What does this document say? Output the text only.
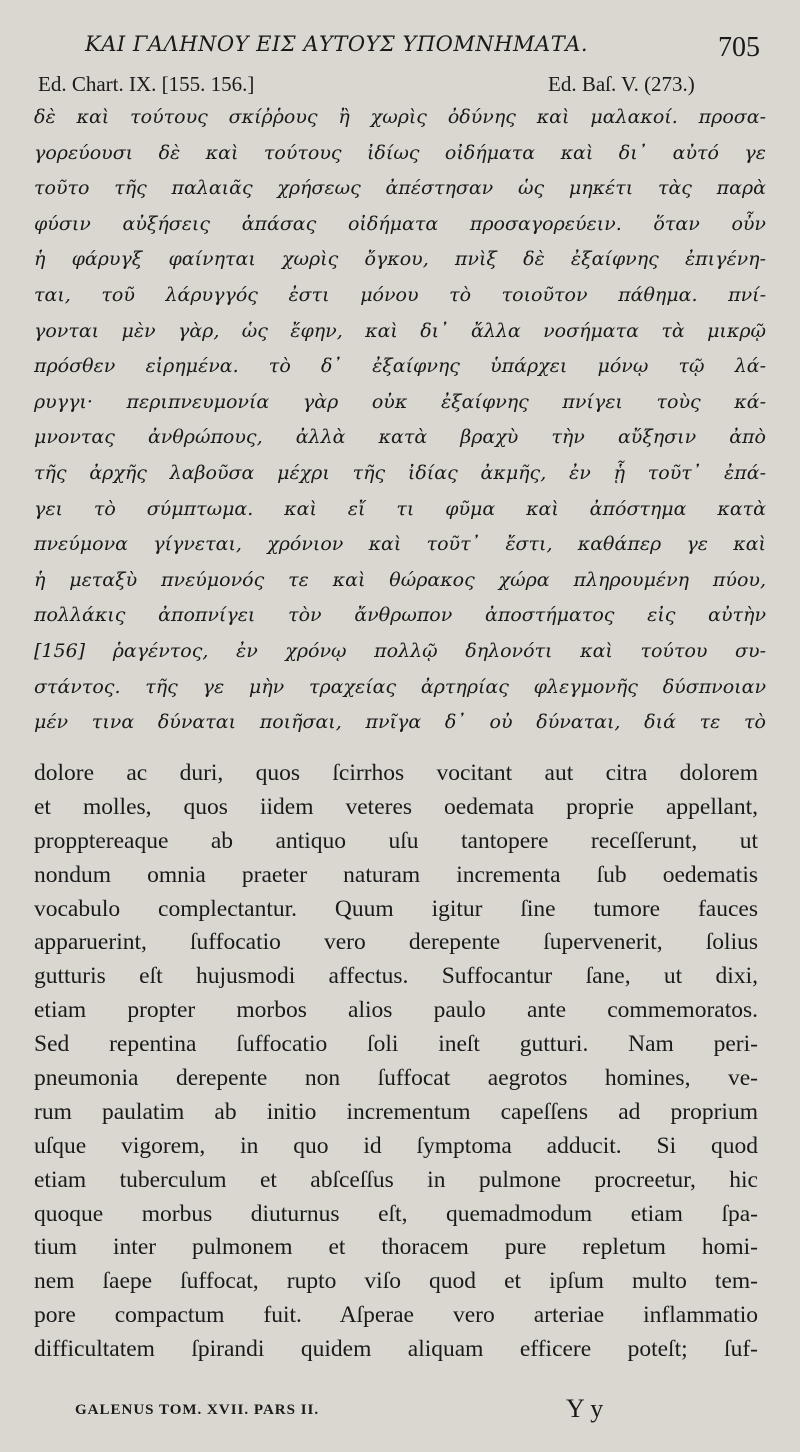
ΚΑΙ ΓΑΛΗΝΟΥ ΕΙΣ ΑΥΤΟΥΣ ΥΠΟΜΝΗΜΑΤΑ.	705
Ed. Chart. IX. [155. 156.]	Ed. Baſ. V. (273.)
δὲ καὶ τούτους σκίῤῥους ἢ χωρὶς ὀδύνης καὶ μαλακοί. προσα-
γορεύουσι δὲ καὶ τούτους ἰδίως οἰδήματα καὶ δι᾽ αὐτό γε
τοῦτο τῆς παλαιᾶς χρήσεως ἀπέστησαν ὡς μηκέτι τὰς παρὰ
φύσιν αὐξήσεις ἁπάσας οἰδήματα προσαγορεύειν. ὅταν οὖν
ἡ φάρυγξ φαίνηται χωρὶς ὄγκου, πνὶξ δὲ ἐξαίφνης ἐπιγένη-
ται, τοῦ λάρυγγός ἐστι μόνου τὸ τοιοῦτον πάθημα. πνί-
γονται μὲν γὰρ, ὡς ἔφην, καὶ δι᾽ ἄλλα νοσήματα τὰ μικρῷ
πρόσθεν εἰρημένα. τὸ δ᾽ ἐξαίφνης ὑπάρχει μόνῳ τῷ λά-
ρυγγι· περιπνευμονία γὰρ οὐκ ἐξαίφνης πνίγει τοὺς κά-
μνοντας ἀνθρώπους, ἀλλὰ κατὰ βραχὺ τὴν αὔξησιν ἀπὸ
τῆς ἀρχῆς λαβοῦσα μέχρι τῆς ἰδίας ἀκμῆς, ἐν ᾗ τοῦτ᾽ ἐπά-
γει τὸ σύμπτωμα. καὶ εἴ τι φῦμα καὶ ἀπόστημα κατὰ
πνεύμονα γίγνεται, χρόνιον καὶ τοῦτ᾽ ἔστι, καθάπερ γε καὶ
ἡ μεταξὺ πνεύμονός τε καὶ θώρακος χώρα πληρουμένη πύου,
πολλάκις ἀποπνίγει τὸν ἄνθρωπον ἀποστήματος εἰς αὐτὴν
[156] ῥαγέντος, ἐν χρόνῳ πολλῷ δηλονότι καὶ τούτου συ-
στάντος. τῆς γε μὴν τραχείας ἀρτηρίας φλεγμονῆς δύσπνοιαν
μέν τινα δύναται ποιῆσαι, πνῖγα δ᾽ οὐ δύναται, διά τε τὸ
dolore ac duri, quos ſcirrhos vocitant aut citra dolorem
et molles, quos iidem veteres oedemata proprie appellant,
propptereaque ab antiquo uſu tantopere receſſerunt, ut
nondum omnia praeter naturam incrementa ſub oedematis
vocabulo complectantur. Quum igitur ſine tumore fauces
apparuerint, ſuffocatio vero derepente ſupervenerit, ſolius
gutturis eſt hujusmodi affectus. Suffocantur ſane, ut dixi,
etiam propter morbos alios paulo ante commemoratos.
Sed repentina ſuffocatio ſoli ineſt gutturi. Nam peri-
pneumonia derepente non ſuffocat aegrotos homines, ve-
rum paulatim ab initio incrementum capeſſens ad proprium
uſque vigorem, in quo id ſymptoma adducit. Si quod
etiam tuberculum et abſceſſus in pulmone procreetur, hic
quoque morbus diuturnus eſt, quemadmodum etiam ſpa-
tium inter pulmonem et thoracem pure repletum homi-
nem ſaepe ſuffocat, rupto viſo quod et ipſum multo tem-
pore compactum fuit. Aſperae vero arteriae inflammatio
difficultatem ſpirandi quidem aliquam efficere poteſt; ſuf-
GALENUS TOM. XVII. PARS II.	Y y
